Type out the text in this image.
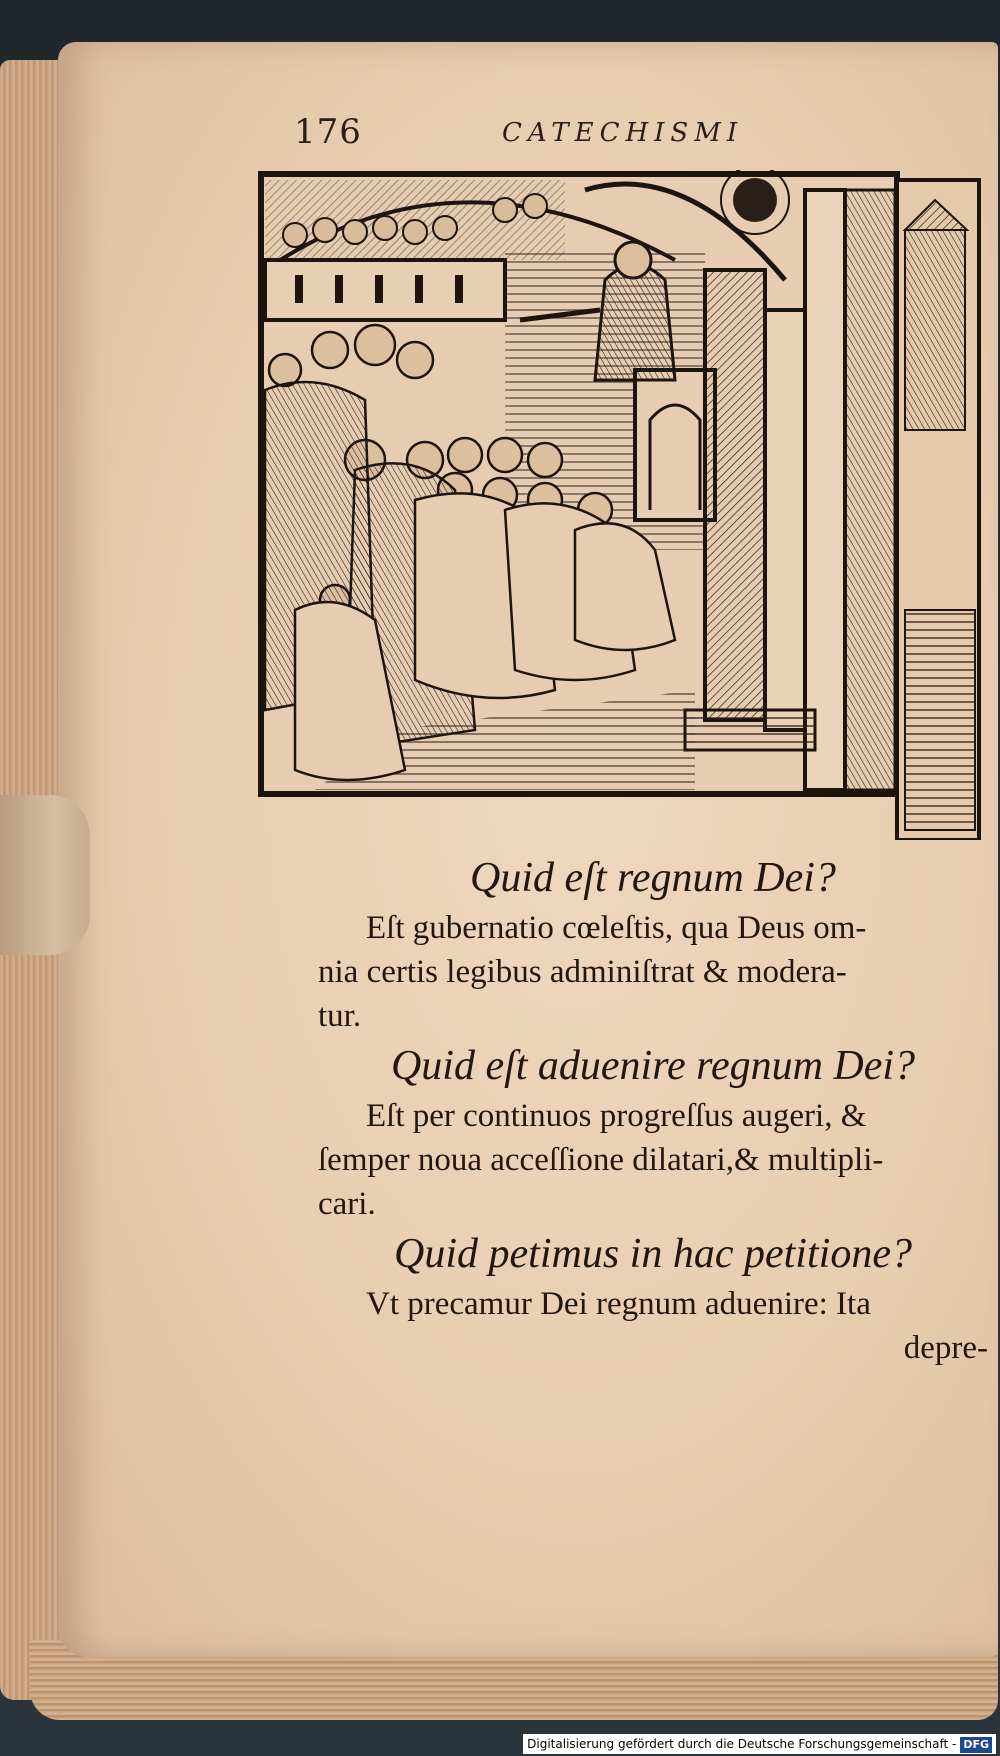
176	CATECHISMI

Quid eſt regnum Dei?

Eſt gubernatio cœleſtis, qua Deus om-

nia certis legibus adminiſtrat & modera-

tur.

Quid eſt aduenire regnum Dei?

Eſt per continuos progreſſus augeri, &

ſemper noua acceſſione dilatari,& multipli-

cari.

Quid petimus in hac petitione?

Vt precamur Dei regnum aduenire: Ita

depre-

Digitalisierung gefördert durch die Deutsche Forschungsgemeinschaft - DFG
